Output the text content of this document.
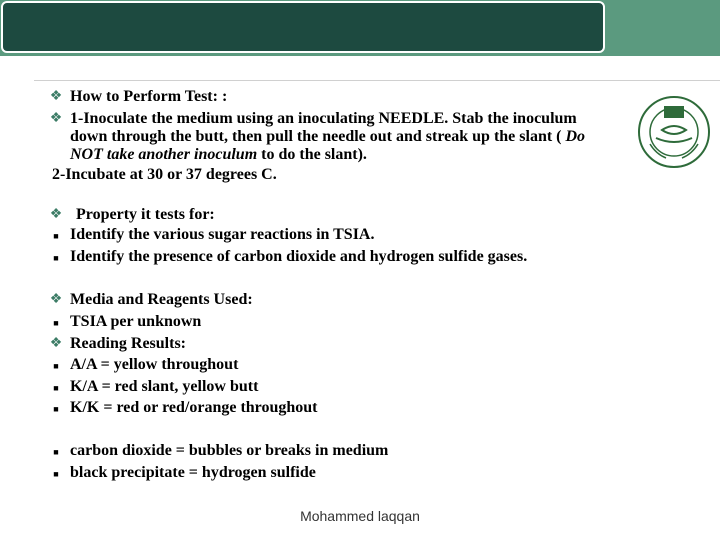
❖ How to Perform Test: :
❖ 1-Inoculate the medium using an inoculating NEEDLE. Stab the inoculum
down through the butt, then pull the needle out and streak up the slant ( Do
NOT take another inoculum to do the slant).
2-Incubate at 30 or 37 degrees C.
❖ Property it tests for:
■ Identify the various sugar reactions in TSIA.
■ Identify the presence of carbon dioxide and hydrogen sulfide gases.
❖ Media and Reagents Used:
■ TSIA per unknown
❖ Reading Results:
■ A/A = yellow throughout
■ K/A = red slant, yellow butt
■ K/K = red or red/orange throughout
■ carbon dioxide = bubbles or breaks in medium
■ black precipitate = hydrogen sulfide
Mohammed laqqan
